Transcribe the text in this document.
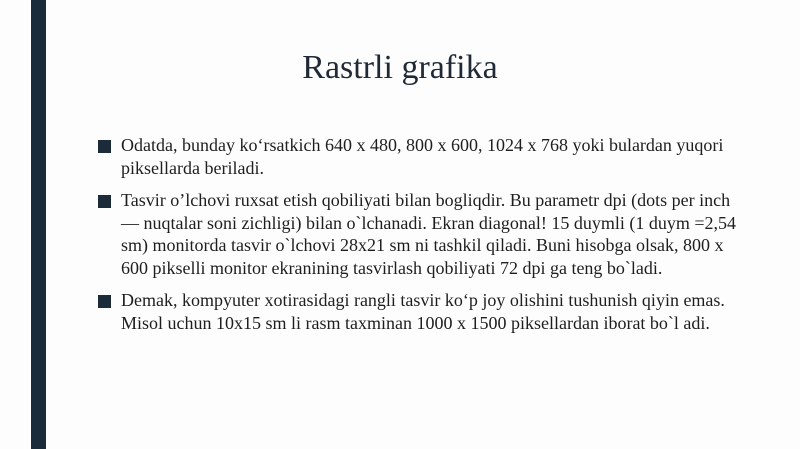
Rastrli grafika
Odatda, bunday koʻrsatkich 640 x 480, 800 x 600, 1024 x 768 yoki bulardan yuqori piksellarda beriladi.
Tasvir oʼlchovi ruxsat etish qobiliyati bilan bogliqdir. Bu parametr dpi (dots per inch — nuqtalar soni zichligi) bilan o`lchanadi. Ekran diagonal! 15 duymli (1 duym =2,54 sm) monitorda tasvir o`lchovi 28x21 sm ni tashkil qiladi. Buni hisobga olsak, 800 x 600 pikselli monitor ekranining tasvirlash qobiliyati 72 dpi ga teng bo`ladi.
Demak, kompyuter xotirasidagi rangli tasvir koʻp joy olishini tushunish qiyin emas. Misol uchun 10x15 sm li rasm taxminan 1000 x 1500 piksellardan iborat bo`l adi.
